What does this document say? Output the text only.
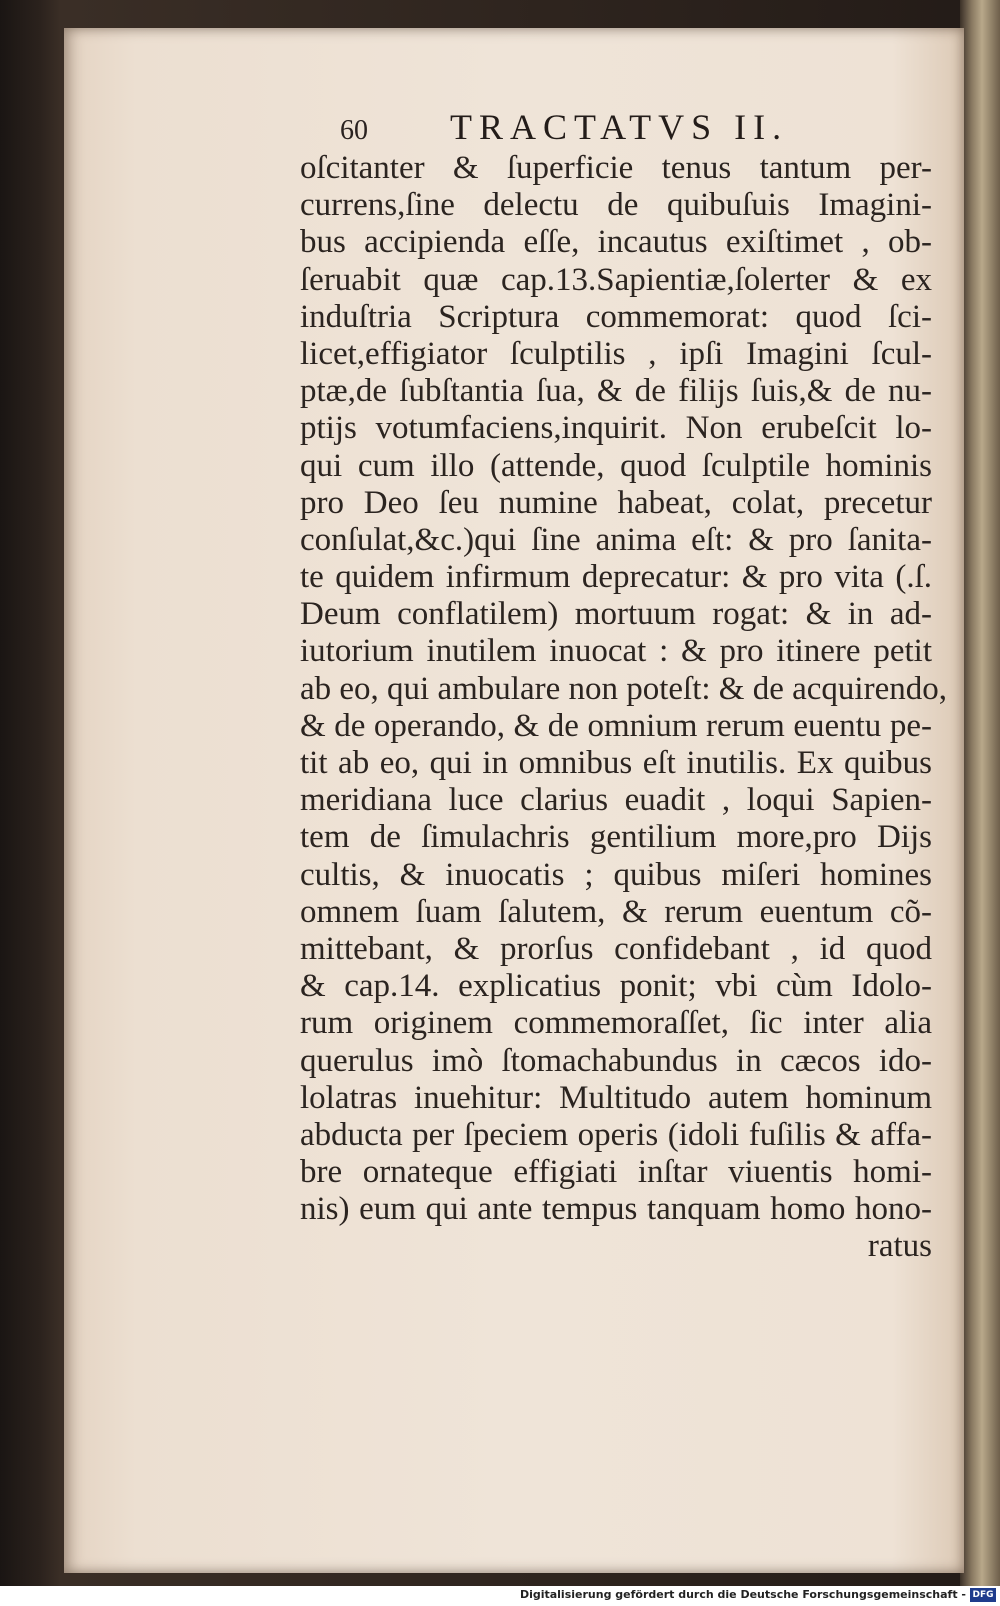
60	TRACTATVS II.
oſcitanter & ſuperficie tenus tantum per-
currens,ſine delectu de quibuſuis Imagini-
bus accipienda eſſe, incautus exiſtimet , ob-
ſeruabit quæ cap.13.Sapientiæ,ſolerter & ex
induſtria Scriptura commemorat: quod ſci-
licet,effigiator ſculptilis , ipſi Imagini ſcul-
ptæ,de ſubſtantia ſua, & de filijs ſuis,& de nu-
ptijs votumfaciens,inquirit. Non erubeſcit lo-
qui cum illo (attende, quod ſculptile hominis
pro Deo ſeu numine habeat, colat, precetur
conſulat,&c.)qui ſine anima eſt: & pro ſanita-
te quidem infirmum deprecatur: & pro vita (.ſ.
Deum conflatilem) mortuum rogat: & in ad-
iutorium inutilem inuocat : & pro itinere petit
ab eo, qui ambulare non poteſt: & de acquirendo,
& de operando, & de omnium rerum euentu pe-
tit ab eo, qui in omnibus eſt inutilis. Ex quibus
meridiana luce clarius euadit , loqui Sapien-
tem de ſimulachris gentilium more,pro Dijs
cultis, & inuocatis ; quibus miſeri homines
omnem ſuam ſalutem, & rerum euentum cõ-
mittebant, & prorſus confidebant , id quod
& cap.14. explicatius ponit; vbi cùm Idolo-
rum originem commemoraſſet, ſic inter alia
querulus imò ſtomachabundus in cæcos ido-
lolatras inuehitur: Multitudo autem hominum
abducta per ſpeciem operis (idoli fuſilis & affa-
bre ornateque effigiati inſtar viuentis homi-
nis) eum qui ante tempus tanquam homo hono-
ratus
Digitalisierung gefördert durch die Deutsche Forschungsgemeinschaft - DFG
